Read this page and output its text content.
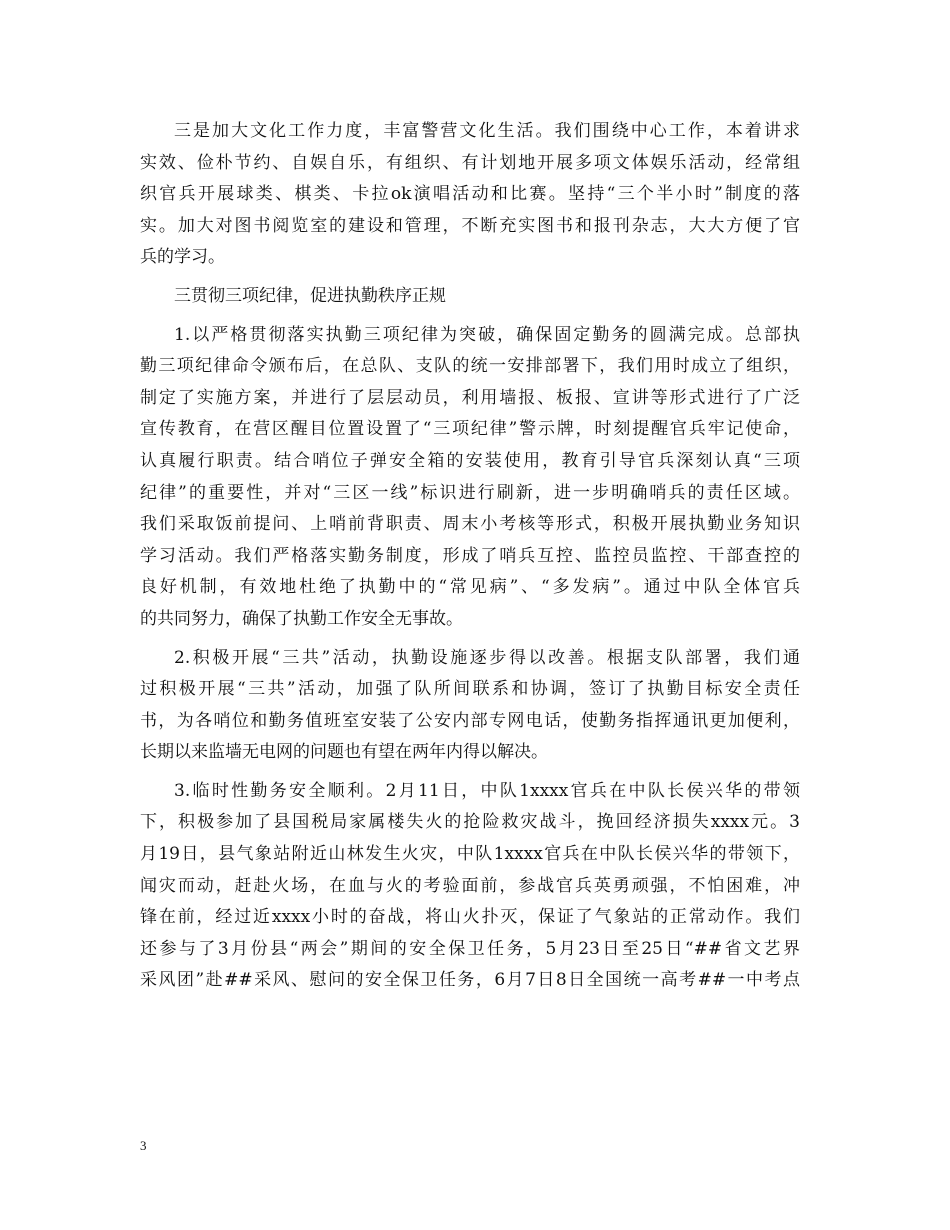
三是加大文化工作力度，丰富警营文化生活。我们围绕中心工作，本着讲求
实效、俭朴节约、自娱自乐，有组织、有计划地开展多项文体娱乐活动，经常组
织官兵开展球类、棋类、卡拉ok演唱活动和比赛。坚持“三个半小时”制度的落
实。加大对图书阅览室的建设和管理，不断充实图书和报刊杂志，大大方便了官
兵的学习。

三贯彻三项纪律，促进执勤秩序正规

1.以严格贯彻落实执勤三项纪律为突破，确保固定勤务的圆满完成。总部执
勤三项纪律命令颁布后，在总队、支队的统一安排部署下，我们用时成立了组织，
制定了实施方案，并进行了层层动员，利用墙报、板报、宣讲等形式进行了广泛
宣传教育，在营区醒目位置设置了“三项纪律”警示牌，时刻提醒官兵牢记使命，
认真履行职责。结合哨位子弹安全箱的安装使用，教育引导官兵深刻认真“三项
纪律”的重要性，并对“三区一线”标识进行刷新，进一步明确哨兵的责任区域。
我们采取饭前提问、上哨前背职责、周末小考核等形式，积极开展执勤业务知识
学习活动。我们严格落实勤务制度，形成了哨兵互控、监控员监控、干部查控的
良好机制，有效地杜绝了执勤中的“常见病”、“多发病”。通过中队全体官兵
的共同努力，确保了执勤工作安全无事故。

2.积极开展“三共”活动，执勤设施逐步得以改善。根据支队部署，我们通
过积极开展“三共”活动，加强了队所间联系和协调，签订了执勤目标安全责任
书，为各哨位和勤务值班室安装了公安内部专网电话，使勤务指挥通讯更加便利，
长期以来监墙无电网的问题也有望在两年内得以解决。

3.临时性勤务安全顺利。2月11日，中队1xxxx官兵在中队长侯兴华的带领
下，积极参加了县国税局家属楼失火的抢险救灾战斗，挽回经济损失xxxx元。3
月19日，县气象站附近山林发生火灾，中队1xxxx官兵在中队长侯兴华的带领下，
闻灾而动，赶赴火场，在血与火的考验面前，参战官兵英勇顽强，不怕困难，冲
锋在前，经过近xxxx小时的奋战，将山火扑灭，保证了气象站的正常动作。我们
还参与了3月份县“两会”期间的安全保卫任务，5月23日至25日“##省文艺界
采风团”赴##采风、慰问的安全保卫任务，6月7日8日全国统一高考##一中考点

3
